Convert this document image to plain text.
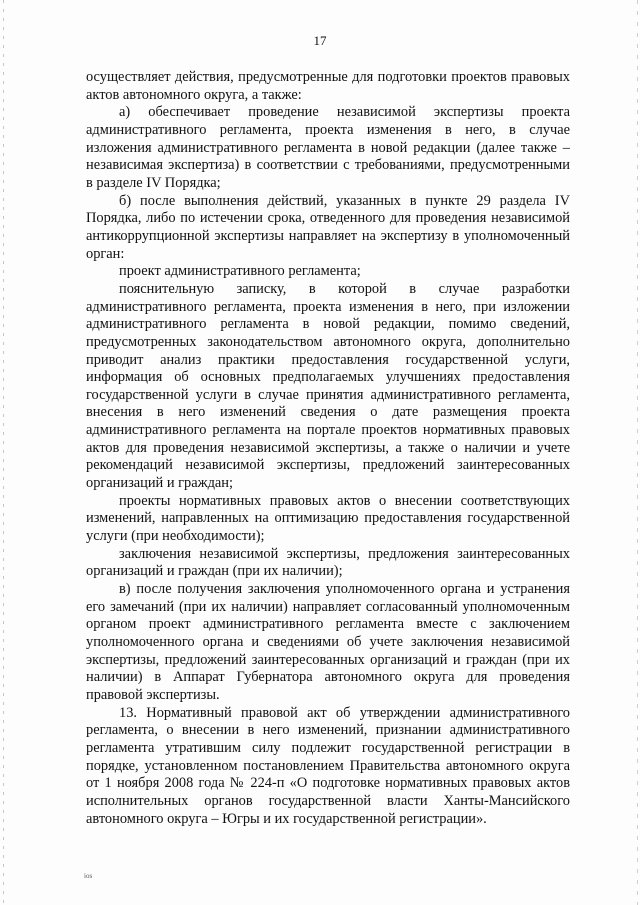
17

осуществляет действия, предусмотренные для подготовки проектов правовых актов автономного округа, а также:

а) обеспечивает проведение независимой экспертизы проекта административного регламента, проекта изменения в него, в случае изложения административного регламента в новой редакции (далее также – независимая экспертиза) в соответствии с требованиями, предусмотренными в разделе IV Порядка;

б) после выполнения действий, указанных в пункте 29 раздела IV Порядка, либо по истечении срока, отведенного для проведения независимой антикоррупционной экспертизы направляет на экспертизу в уполномоченный орган:

проект административного регламента;

пояснительную записку, в которой в случае разработки административного регламента, проекта изменения в него, при изложении административного регламента в новой редакции, помимо сведений, предусмотренных законодательством автономного округа, дополнительно приводит анализ практики предоставления государственной услуги, информация об основных предполагаемых улучшениях предоставления государственной услуги в случае принятия административного регламента, внесения в него изменений сведения о дате размещения проекта административного регламента на портале проектов нормативных правовых актов для проведения независимой экспертизы, а также о наличии и учете рекомендаций независимой экспертизы, предложений заинтересованных организаций и граждан;

проекты нормативных правовых актов о внесении соответствующих изменений, направленных на оптимизацию предоставления государственной услуги (при необходимости);

заключения независимой экспертизы, предложения заинтересованных организаций и граждан (при их наличии);

в) после получения заключения уполномоченного органа и устранения его замечаний (при их наличии) направляет согласованный уполномоченным органом проект административного регламента вместе с заключением уполномоченного органа и сведениями об учете заключения независимой экспертизы, предложений заинтересованных организаций и граждан (при их наличии) в Аппарат Губернатора автономного округа для проведения правовой экспертизы.

13. Нормативный правовой акт об утверждении административного регламента, о внесении в него изменений, признании административного регламента утратившим силу подлежит государственной регистрации в порядке, установленном постановлением Правительства автономного округа от 1 ноября 2008 года № 224-п «О подготовке нормативных правовых актов исполнительных органов государственной власти Ханты-Мансийского автономного округа – Югры и их государственной регистрации».

ios
